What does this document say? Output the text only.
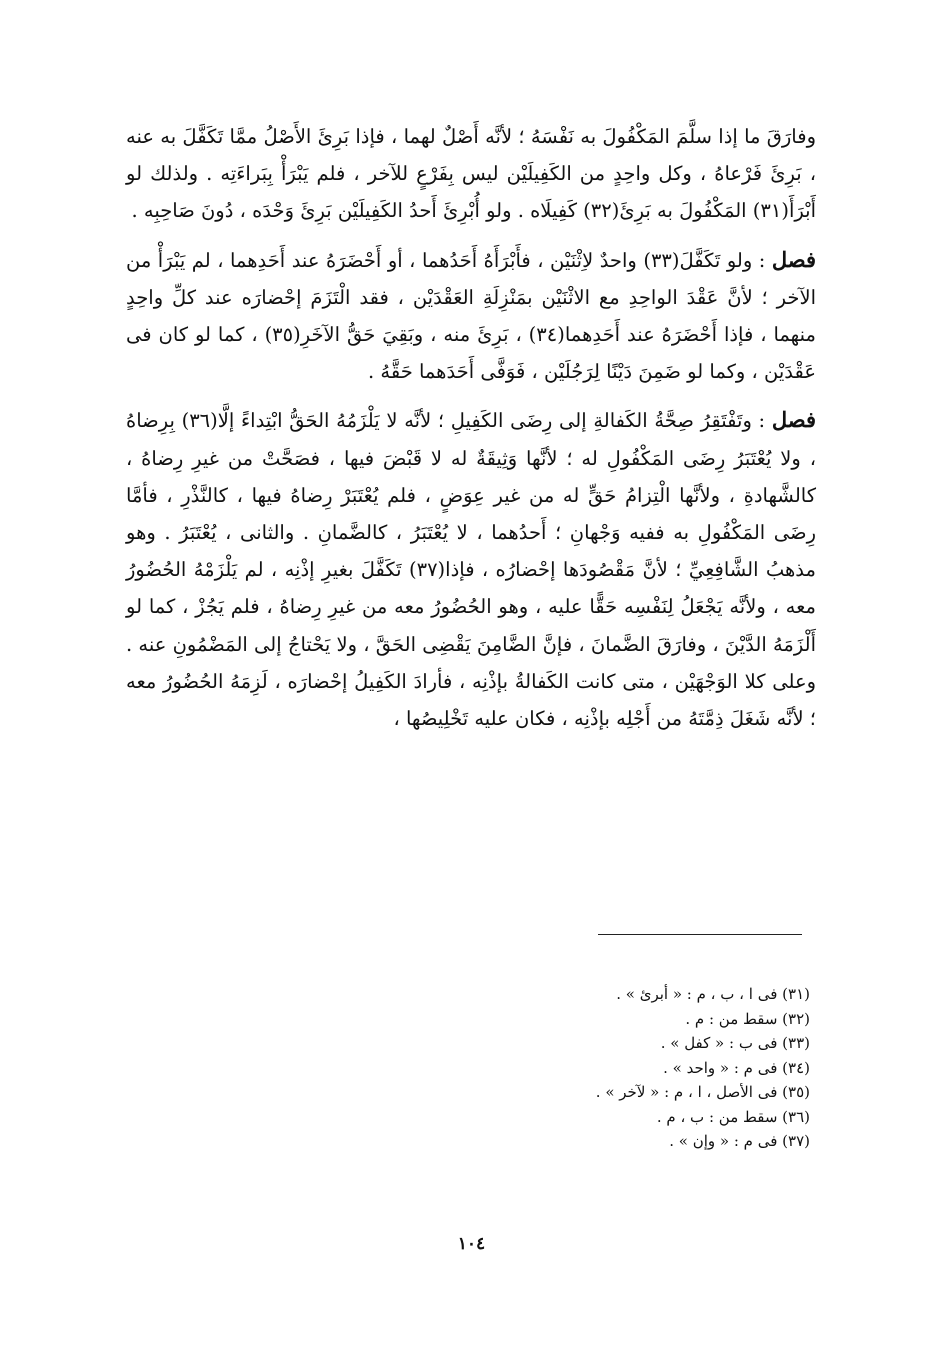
وفارَقَ ما إذا سلَّمَ المَكْفُولَ به نَفْسَهُ ؛ لأنَّه أَصْلٌ لهما ، فإذا بَرِئَ الأَصْلُ ممَّا تَكَفَّلَ به عنه ، بَرِئَ فَرْعاهُ ، وكل واحِدٍ من الكَفِيلَيْن ليس بِفَرْعٍ للآخر ، فلم يَبْرَأْ بِبَراءَتِه . ولذلك لو أَبْرَأَ(٣١) المَكْفُولَ به بَرِئَ(٣٢) كَفِيلَاه . ولو أُبْرِئَ أَحدُ الكَفِيلَيْن بَرِئَ وَحْدَه ، دُونَ صَاحِبِه .

فصل : ولو تَكَفَّلَ(٣٣) واحدٌ لاِثْنَيْن ، فأَبْرَأَهُ أَحَدُهما ، أو أَحْضَرَهُ عند أَحَدِهما ، لم يَبْرَأْ من الآخر ؛ لأنَّ عَقْدَ الواحِدِ مع الاثْنَيْن بمَنْزِلَةِ العَقْدَيْن ، فقد الْتَزَمَ إحْضارَه عند كلِّ واحِدٍ منهما ، فإذا أَحْضَرَهُ عند أَحَدِهما(٣٤) ، بَرِئَ منه ، وبَقِيَ حَقُّ الآخَرِ(٣٥) ، كما لو كان فى عَقْدَيْن ، وكما لو ضَمِنَ دَيْنًا لِرَجُلَيْن ، فَوَفَّى أَحَدَهما حَقَّهُ .

فصل : وتَفْتَقِرُ صِحَّةُ الكَفالةِ إلى رِضَى الكَفِيلِ ؛ لأنَّه لا يَلْزَمُهُ الحَقُّ ابْتِداءً إلَّا(٣٦) بِرِضاهُ ، ولا يُعْتَبَرُ رِضَى المَكْفُولِ له ؛ لأنَّها وَثِيقَةٌ له لا قَبْضَ فيها ، فصَحَّتْ من غيرِ رِضاهُ ، كالشَّهادةِ ، ولأنَّها الْتِزامُ حَقٍّ له من غير عِوَضٍ ، فلم يُعْتَبَرْ رِضاهُ فيها ، كالنَّذْرِ ، فأمَّا رِضَى المَكْفُولِ به ففيه وَجْهانِ ؛ أَحدُهما ، لا يُعْتَبَرُ ، كالضَّمانِ . والثانى ، يُعْتَبَرُ . وهو مذهبُ الشَّافِعِيِّ ؛ لأنَّ مَقْصُودَها إحْضارُه ، فإذا(٣٧) تَكَفَّلَ بغيرِ إذْنِه ، لم يَلْزَمْهُ الحُضُورُ معه ، ولأنَّه يَجْعَلُ لِنَفْسِه حَقًّا عليه ، وهو الحُضُورُ معه من غيرِ رِضاهُ ، فلم يَجُزْ ، كما لو أَلْزَمَهُ الدَّيْنَ ، وفارَقَ الضَّمانَ ، فإنَّ الضَّامِنَ يَقْضِى الحَقَّ ، ولا يَحْتاجُ إلى المَضْمُونِ عنه . وعلى كلا الوَجْهَيْن ، متى كانت الكَفالةُ بإذْنِه ، فأرادَ الكَفِيلُ إحْضارَه ، لَزِمَهُ الحُضُورُ معه ؛ لأنَّه شَغَلَ ذِمَّتَهُ من أَجْلِه بإذْنِه ، فكان عليه تَخْلِيصُها ،

(٣١) فى ا ، ب ، م : « أبرئ » .
(٣٢) سقط من : م .
(٣٣) فى ب : « كفل » .
(٣٤) فى م : « واحد » .
(٣٥) فى الأصل ، ا ، م : « لآخر » .
(٣٦) سقط من : ب ، م .
(٣٧) فى م : « وإن » .
١٠٤
